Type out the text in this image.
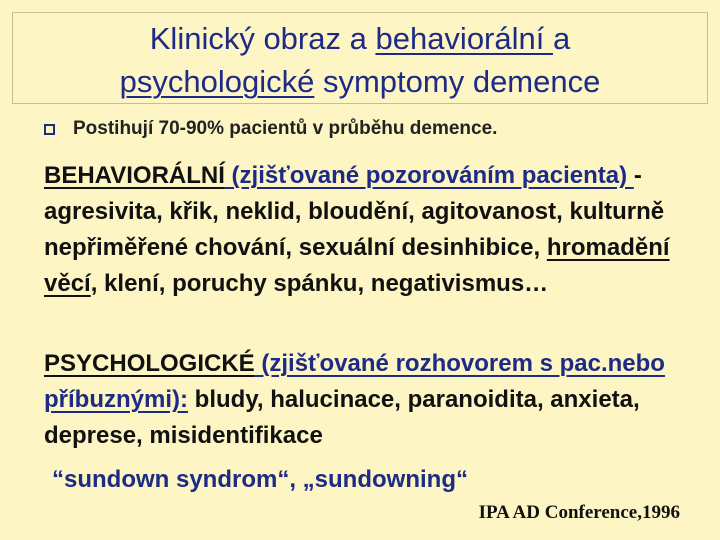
Klinický obraz a behaviorální a
psychologické symptomy demence
Postihují 70-90% pacientů v průběhu demence.
BEHAVIORÁLNÍ (zjišťované pozorováním pacienta) - agresivita, křik, neklid, bloudění, agitovanost, kulturně nepřiměřené chování, sexuální desinhibice, hromadění věcí, klení, poruchy spánku, negativismus…
PSYCHOLOGICKÉ (zjišťované rozhovorem s pac.nebo příbuznými): bludy, halucinace, paranoidita, anxieta, deprese, misidentifikace
“sundown syndrom“, „sundowning“
IPA AD Conference,1996
